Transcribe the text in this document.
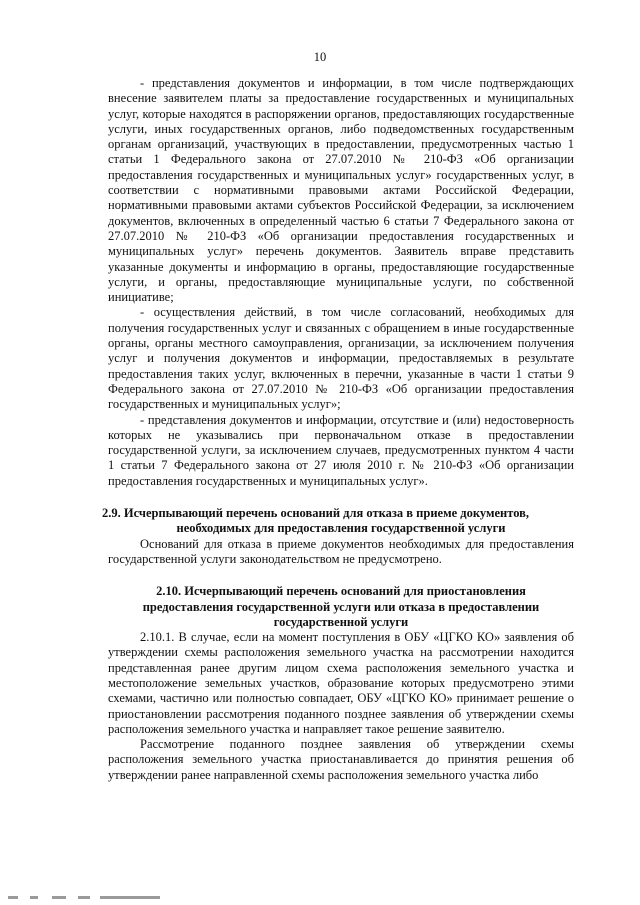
10

- представления документов и информации, в том числе подтверждающих внесение заявителем платы за предоставление государственных и муниципальных услуг, которые находятся в распоряжении органов, предоставляющих государственные услуги, иных государственных органов, либо подведомственных государственным органам организаций, участвующих в предоставлении, предусмотренных частью 1 статьи 1 Федерального закона от 27.07.2010 № 210-ФЗ «Об организации предоставления государственных и муниципальных услуг» государственных услуг, в соответствии с нормативными правовыми актами Российской Федерации, нормативными правовыми актами субъектов Российской Федерации, за исключением документов, включенных в определенный частью 6 статьи 7 Федерального закона от 27.07.2010 № 210-ФЗ «Об организации предоставления государственных и муниципальных услуг» перечень документов. Заявитель вправе представить указанные документы и информацию в органы, предоставляющие государственные услуги, и органы, предоставляющие муниципальные услуги, по собственной инициативе;

- осуществления действий, в том числе согласований, необходимых для получения государственных услуг и связанных с обращением в иные государственные органы, органы местного самоуправления, организации, за исключением получения услуг и получения документов и информации, предоставляемых в результате предоставления таких услуг, включенных в перечни, указанные в части 1 статьи 9 Федерального закона от 27.07.2010 № 210-ФЗ «Об организации предоставления государственных и муниципальных услуг»;

- представления документов и информации, отсутствие и (или) недостоверность которых не указывались при первоначальном отказе в предоставлении государственной услуги, за исключением случаев, предусмотренных пунктом 4 части 1 статьи 7 Федерального закона от 27 июля 2010 г. № 210-ФЗ «Об организации предоставления государственных и муниципальных услуг».

2.9. Исчерпывающий перечень оснований для отказа в приеме документов,

необходимых для предоставления государственной услуги

Оснований для отказа в приеме документов необходимых для предоставления государственной услуги законодательством не предусмотрено.

2.10. Исчерпывающий перечень оснований для приостановления

предоставления государственной услуги или отказа в предоставлении

государственной услуги

2.10.1. В случае, если на момент поступления в ОБУ «ЦГКО КО» заявления об утверждении схемы расположения земельного участка на рассмотрении находится представленная ранее другим лицом схема расположения земельного участка и местоположение земельных участков, образование которых предусмотрено этими схемами, частично или полностью совпадает, ОБУ «ЦГКО КО» принимает решение о приостановлении рассмотрения поданного позднее заявления об утверждении схемы расположения земельного участка и направляет такое решение заявителю.

Рассмотрение поданного позднее заявления об утверждении схемы расположения земельного участка приостанавливается до принятия решения об утверждении ранее направленной схемы расположения земельного участка либо
